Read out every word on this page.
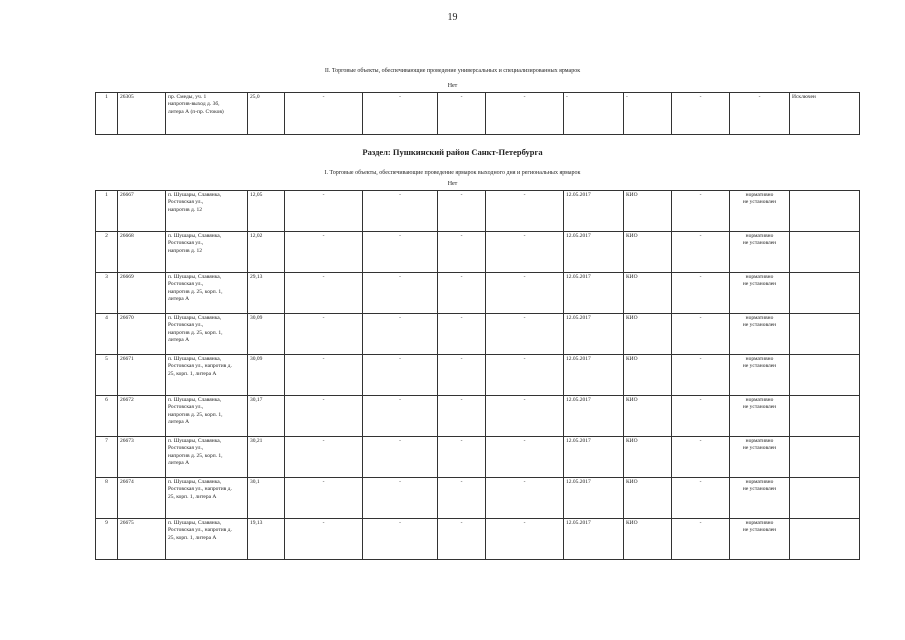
19
II. Торговые объекты, обеспечивающие проведение универсальных и специализированных ярмарок
Нет
1	26305	пр. Смеды, уч. 1
напротив-выход д. 3б,
литера А (п-пр. Стоков)	25,0	-	-	-	-	-	-	-	-	Исключен
Раздел: Пушкинский район Санкт-Петербурга
I. Торговые объекты, обеспечивающие проведение ярмарок выходного дня и региональных ярмарок
Нет
1	26667	п. Шушары, Славянка,
Ростовская ул.,
напротив д. 12	12,05	-	-	-	-	12.05.2017	КИО	-	нормативно
не установлен	
2	26668	п. Шушары, Славянка,
Ростовская ул.,
напротив д. 12	12,02	-	-	-	-	12.05.2017	КИО	-	нормативно
не установлен	
3	26669	п. Шушары, Славянка,
Ростовская ул.,
напротив д. 25, корп. 1,
литера А	29,13	-	-	-	-	12.05.2017	КИО	-	нормативно
не установлен	
4	26670	п. Шушары, Славянка,
Ростовская ул.,
напротив д. 25, корп. 1,
литера А	30,09	-	-	-	-	12.05.2017	КИО	-	нормативно
не установлен	
5	26671	п. Шушары, Славянка,
Ростовская ул., напротив д.
25, корп. 1, литера А	30,09	-	-	-	-	12.05.2017	КИО	-	нормативно
не установлен	
6	26672	п. Шушары, Славянка,
Ростовская ул.,
напротив д. 25, корп. 1,
литера А	30,17	-	-	-	-	12.05.2017	КИО	-	нормативно
не установлен	
7	26673	п. Шушары, Славянка,
Ростовская ул.,
напротив д. 25, корп. 1,
литера А	30,21	-	-	-	-	12.05.2017	КИО	-	нормативно
не установлен	
8	26674	п. Шушары, Славянка,
Ростовская ул., напротив д.
25, корп. 1, литера А	30,1	-	-	-	-	12.05.2017	КИО	-	нормативно
не установлен	
9	26675	п. Шушары, Славянка,
Ростовская ул., напротив д.
25, корп. 1, литера А	19,13	-	-	-	-	12.05.2017	КИО	-	нормативно
не установлен	
